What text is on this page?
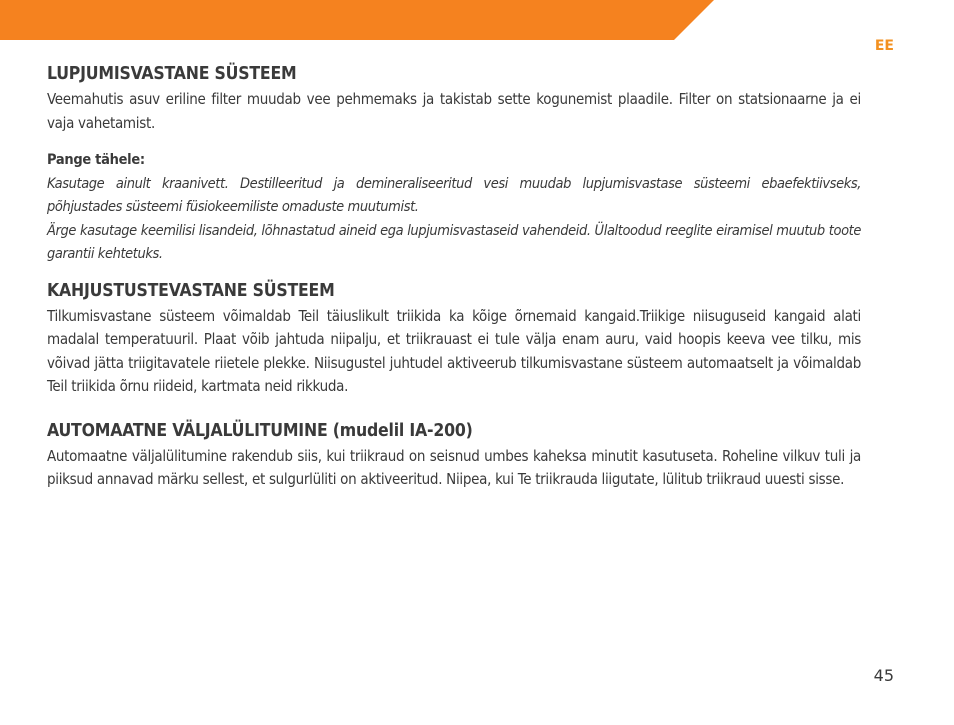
EE
LUPJUMISVASTANE SÜSTEEM

Veemahutis asuv eriline filter muudab vee pehmemaks ja takistab sette kogunemist plaadile. Filter on statsionaarne ja ei vaja vahetamist.

Pange tähele:

Kasutage ainult kraanivett. Destilleeritud ja demineraliseeritud vesi muudab lupjumisvastase süsteemi ebaefektiivseks, põhjustades süsteemi füsiokeemiliste omaduste muutumist.

Ärge kasutage keemilisi lisandeid, lõhnastatud aineid ega lupjumisvastaseid vahendeid. Ülaltoodud reeglite eiramisel muutub toote garantii kehtetuks.

KAHJUSTUSTEVASTANE SÜSTEEM

Tilkumisvastane süsteem võimaldab Teil täiuslikult triikida ka kõige õrnemaid kangaid.Triikige niisuguseid kangaid alati madalal temperatuuril. Plaat võib jahtuda niipalju, et triikrauast ei tule välja enam auru, vaid hoopis keeva vee tilku, mis võivad jätta triigitavatele riietele plekke. Niisugustel juhtudel aktiveerub tilkumisvastane süsteem automaatselt ja võimaldab Teil triikida õrnu riideid, kartmata neid rikkuda.

AUTOMAATNE VÄLJALÜLITUMINE (mudelil IA-200)

Automaatne väljalülitumine rakendub siis, kui triikraud on seisnud umbes kaheksa minutit kasutuseta. Roheline vilkuv tuli ja piiksud annavad märku sellest, et sulgurlüliti on aktiveeritud. Niipea, kui Te triikrauda liigutate, lülitub triikraud uuesti sisse.

45
